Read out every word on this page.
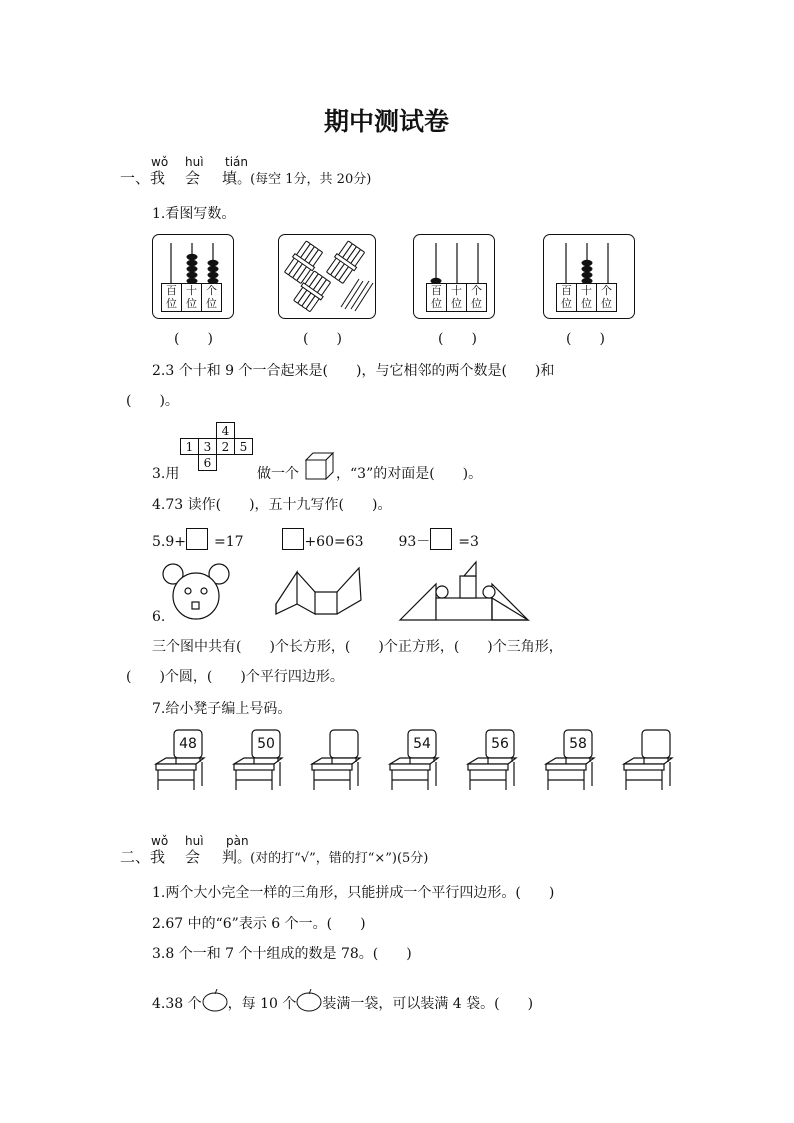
期中测试卷
wǒ huì tián
一、我 会 填。(每空 1分，共 20分)
1.看图写数。
百位
十位
个位
百位
十位
个位
百位
十位
个位
(　　)	(　　)	(　　)	(　　)
2.3 个十和 9 个一合起来是(　　)，与它相邻的两个数是(　　)和
(　　)。
		4	
1	3	2	5
	6		
3.用	做一个	，“3”的对面是(　　)。
4.73 读作(　　)，五十九写作(　　)。
5.9+ =17	+60=63 93－ =3
6.
三个图中共有(　　)个长方形，(　　)个正方形，(　　)个三角形，
(　　)个圆，(　　)个平行四边形。
7.给小凳子编上号码。
48	50	54	56	58
wǒ huì pàn
二、我 会 判。(对的打“√”，错的打“×”)(5分)
1.两个大小完全一样的三角形，只能拼成一个平行四边形。(　　)
2.67 中的“6”表示 6 个一。(　　)
3.8 个一和 7 个十组成的数是 78。(　　)
4.38 个 ，每 10 个 装满一袋，可以装满 4 袋。(　　)
